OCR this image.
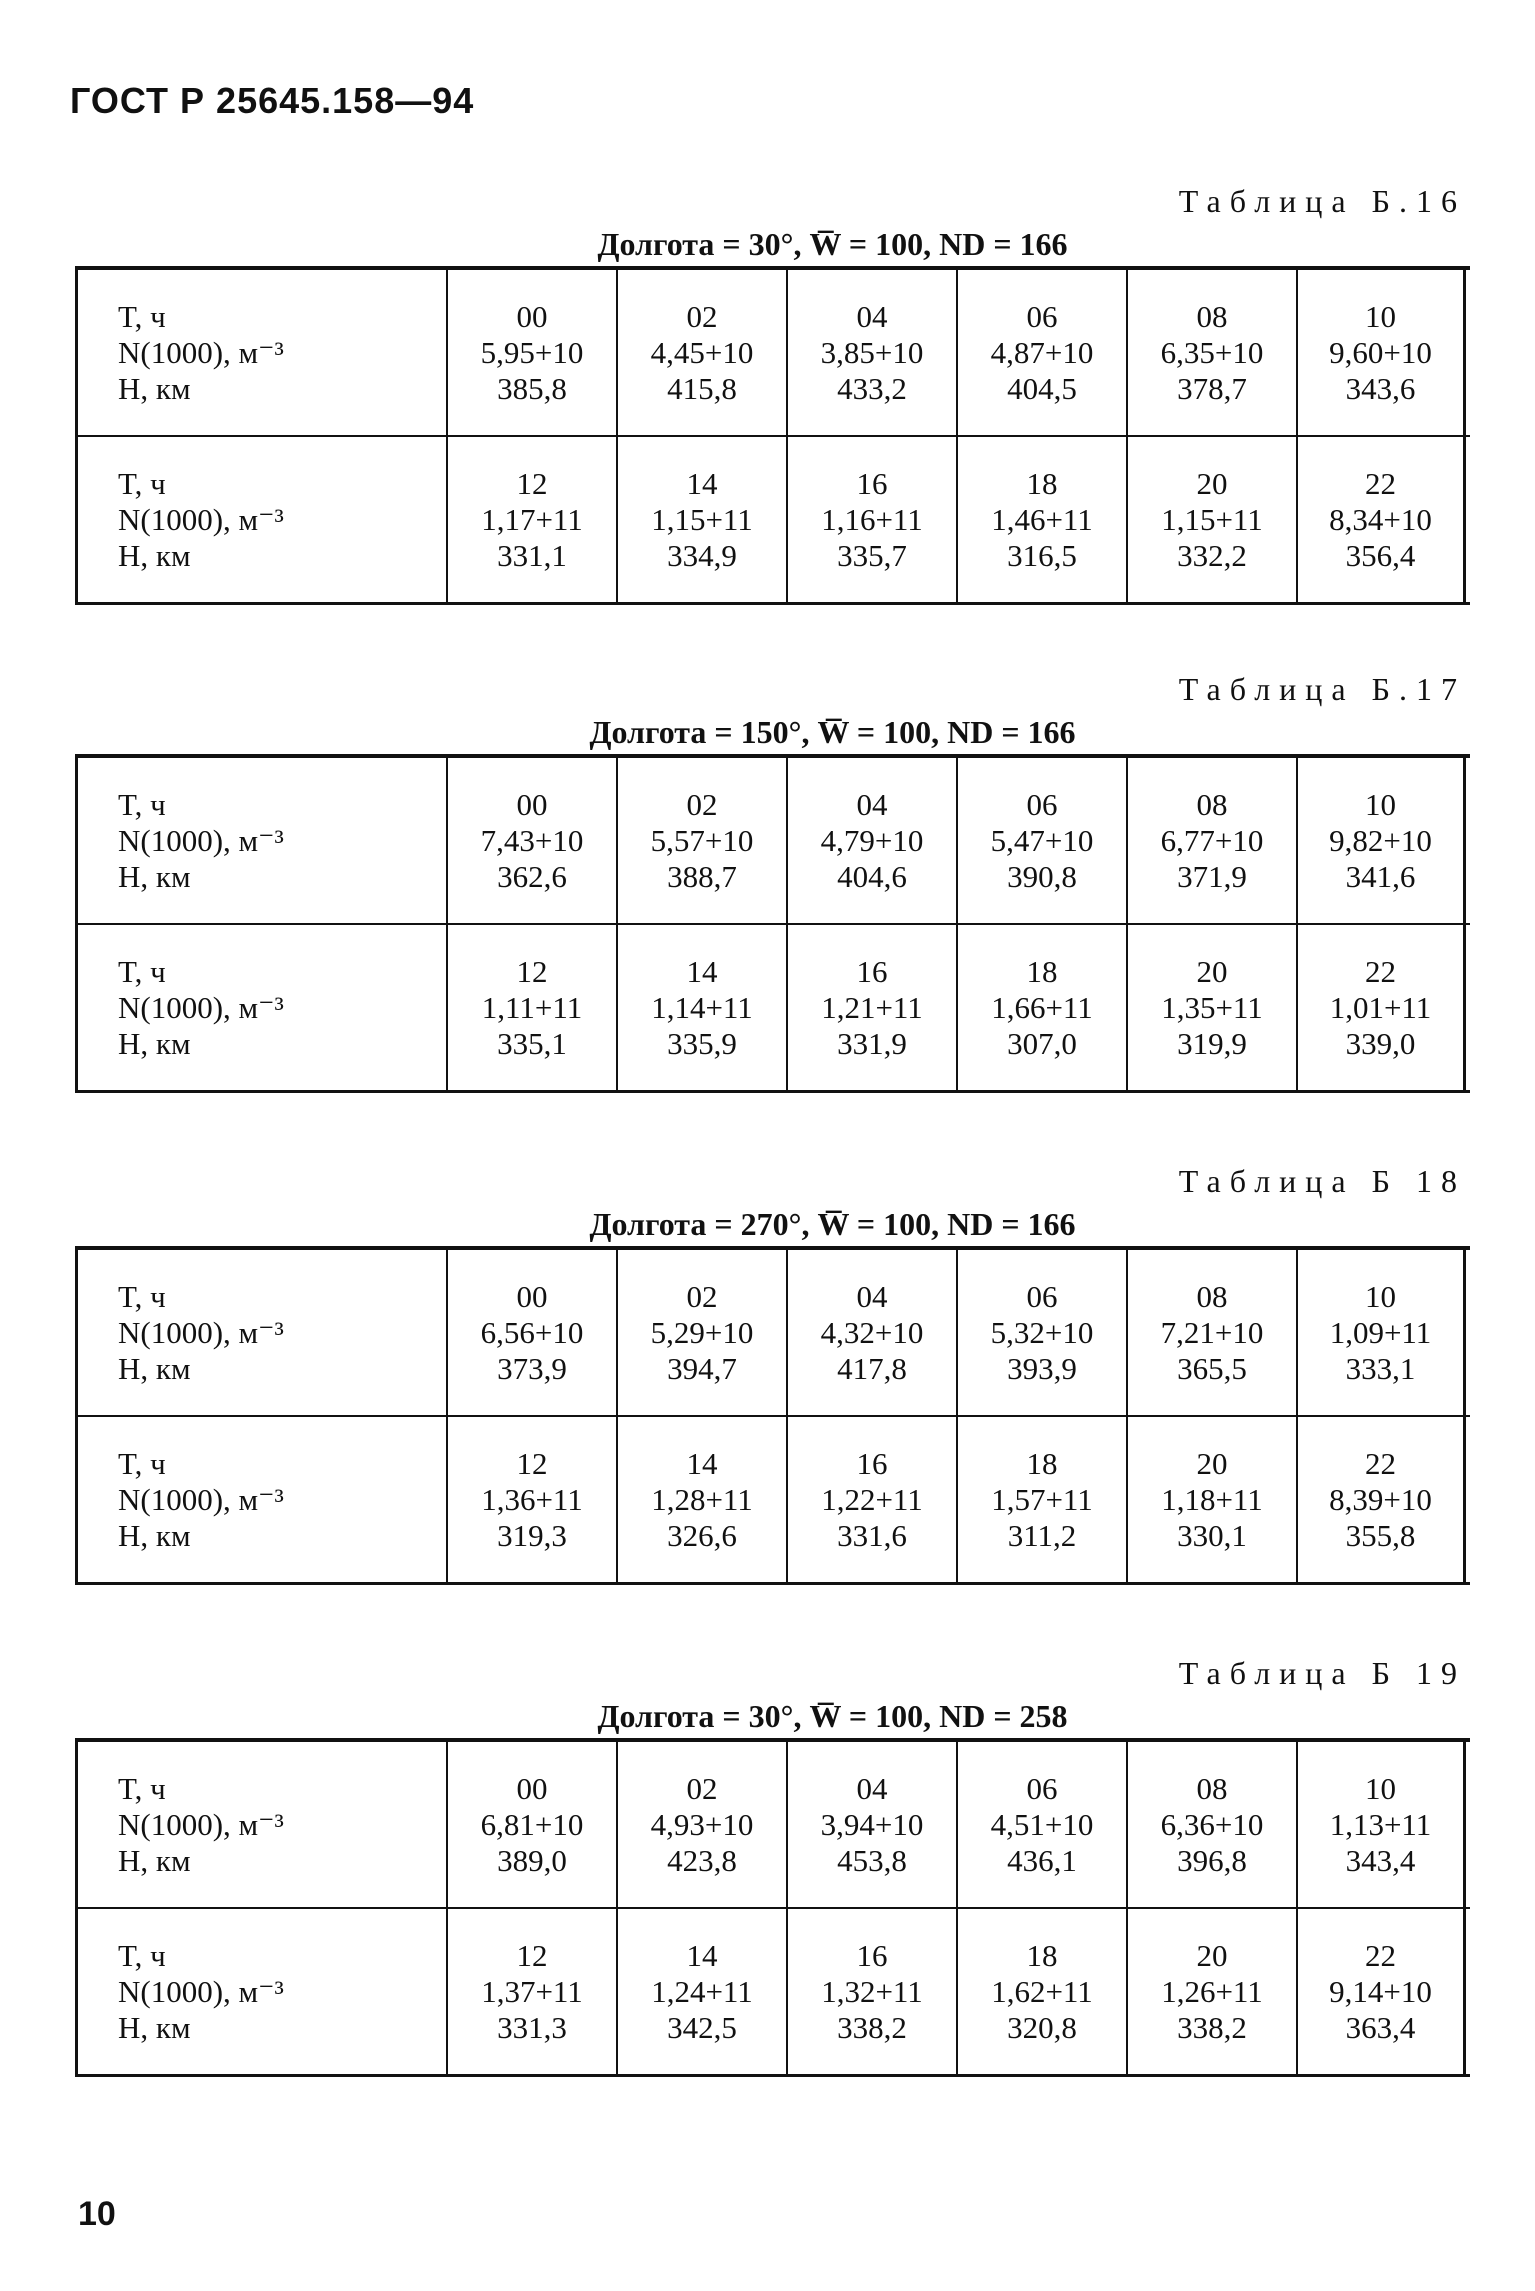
ГОСТ Р 25645.158—94
Таблица Б.16
Долгота = 30°, W̅ = 100, ND = 166
T, ч
N(1000), м⁻³
H, км
00
5,95+10
385,8
02
4,45+10
415,8
04
3,85+10
433,2
06
4,87+10
404,5
08
6,35+10
378,7
10
9,60+10
343,6
T, ч
N(1000), м⁻³
H, км
12
1,17+11
331,1
14
1,15+11
334,9
16
1,16+11
335,7
18
1,46+11
316,5
20
1,15+11
332,2
22
8,34+10
356,4
Таблица Б.17
Долгота = 150°, W̅ = 100, ND = 166
T, ч
N(1000), м⁻³
H, км
00
7,43+10
362,6
02
5,57+10
388,7
04
4,79+10
404,6
06
5,47+10
390,8
08
6,77+10
371,9
10
9,82+10
341,6
T, ч
N(1000), м⁻³
H, км
12
1,11+11
335,1
14
1,14+11
335,9
16
1,21+11
331,9
18
1,66+11
307,0
20
1,35+11
319,9
22
1,01+11
339,0
Таблица Б 18
Долгота = 270°, W̅ = 100, ND = 166
T, ч
N(1000), м⁻³
H, км
00
6,56+10
373,9
02
5,29+10
394,7
04
4,32+10
417,8
06
5,32+10
393,9
08
7,21+10
365,5
10
1,09+11
333,1
T, ч
N(1000), м⁻³
H, км
12
1,36+11
319,3
14
1,28+11
326,6
16
1,22+11
331,6
18
1,57+11
311,2
20
1,18+11
330,1
22
8,39+10
355,8
Таблица Б 19
Долгота = 30°, W̅ = 100, ND = 258
T, ч
N(1000), м⁻³
H, км
00
6,81+10
389,0
02
4,93+10
423,8
04
3,94+10
453,8
06
4,51+10
436,1
08
6,36+10
396,8
10
1,13+11
343,4
T, ч
N(1000), м⁻³
H, км
12
1,37+11
331,3
14
1,24+11
342,5
16
1,32+11
338,2
18
1,62+11
320,8
20
1,26+11
338,2
22
9,14+10
363,4
10
